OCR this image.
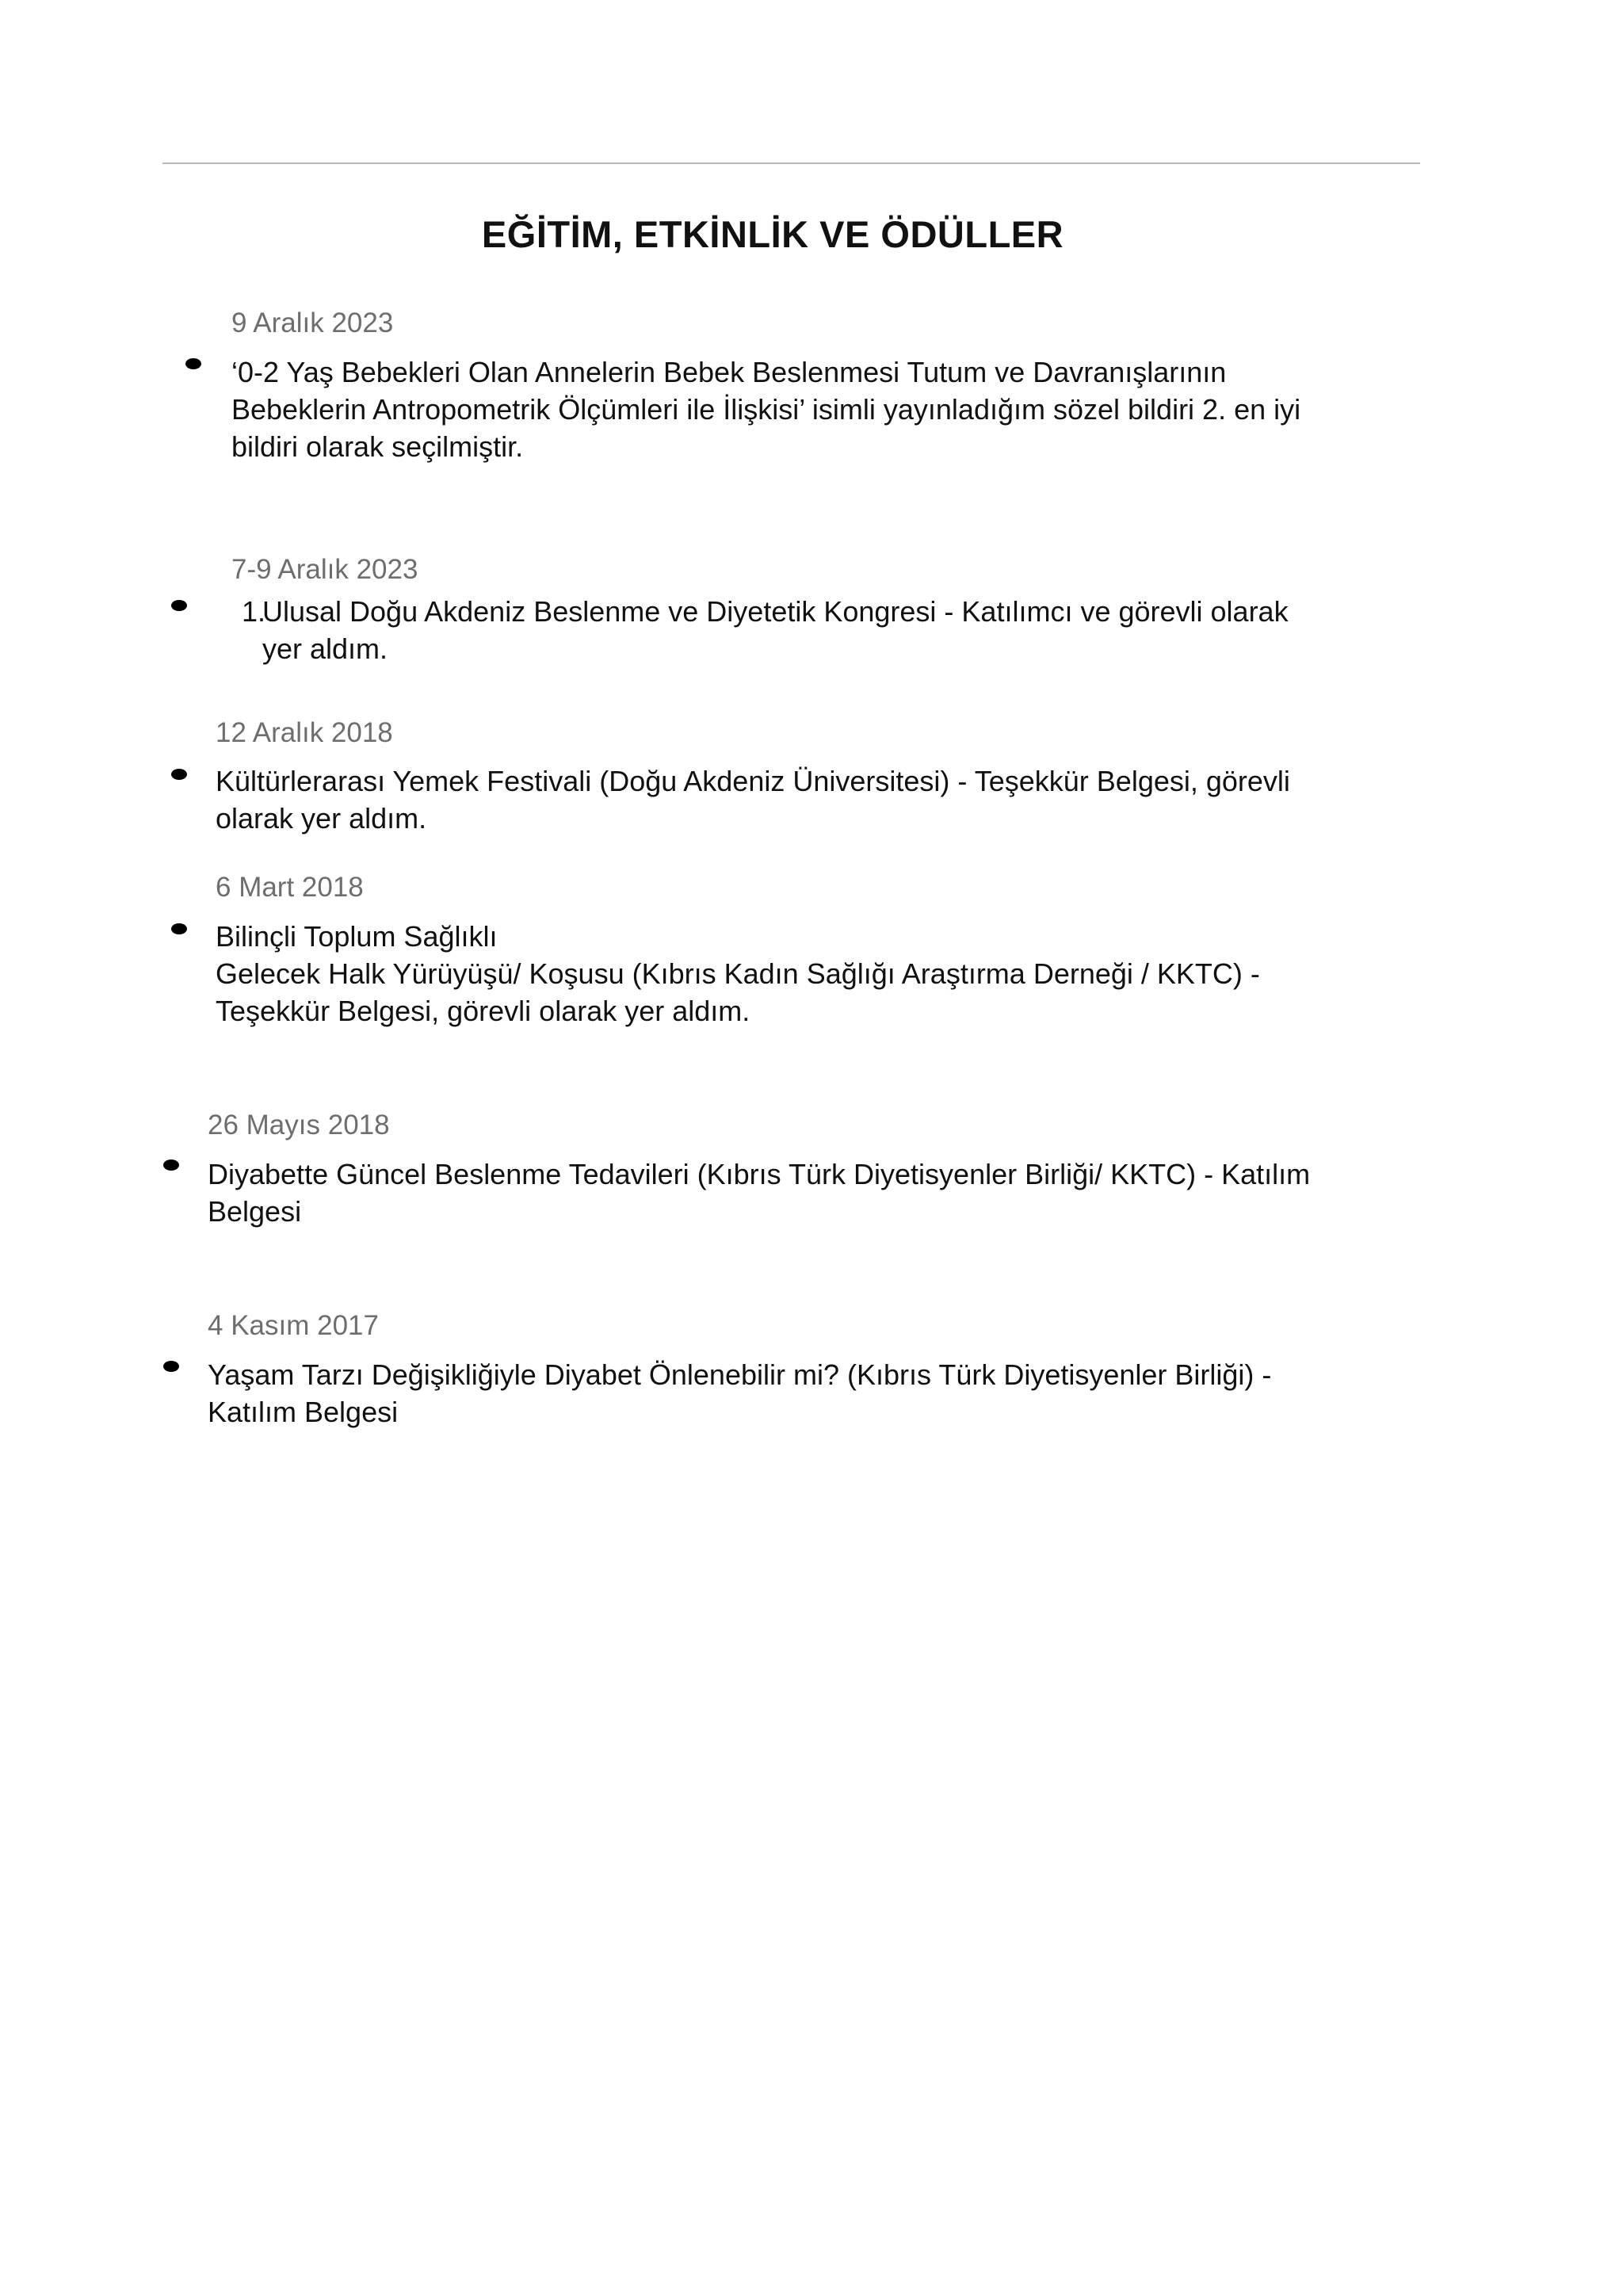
EĞİTİM, ETKİNLİK VE ÖDÜLLER
9 Aralık 2023
‘0-2 Yaş Bebekleri Olan Annelerin Bebek Beslenmesi Tutum ve Davranışlarının
Bebeklerin Antropometrik Ölçümleri ile İlişkisi’ isimli yayınladığım sözel bildiri 2. en iyi
bildiri olarak seçilmiştir.
7-9 Aralık 2023
1.
Ulusal Doğu Akdeniz Beslenme ve Diyetetik Kongresi - Katılımcı ve görevli olarak
yer aldım.
12 Aralık 2018
Kültürlerarası Yemek Festivali (Doğu Akdeniz Üniversitesi) - Teşekkür Belgesi, görevli
olarak yer aldım.
6 Mart 2018
Bilinçli Toplum Sağlıklı
Gelecek Halk Yürüyüşü/ Koşusu (Kıbrıs Kadın Sağlığı Araştırma Derneği / KKTC) -
Teşekkür Belgesi, görevli olarak yer aldım.
26 Mayıs 2018
Diyabette Güncel Beslenme Tedavileri (Kıbrıs Türk Diyetisyenler Birliği/ KKTC) - Katılım
Belgesi
4 Kasım 2017
Yaşam Tarzı Değişikliğiyle Diyabet Önlenebilir mi? (Kıbrıs Türk Diyetisyenler Birliği) -
Katılım Belgesi
